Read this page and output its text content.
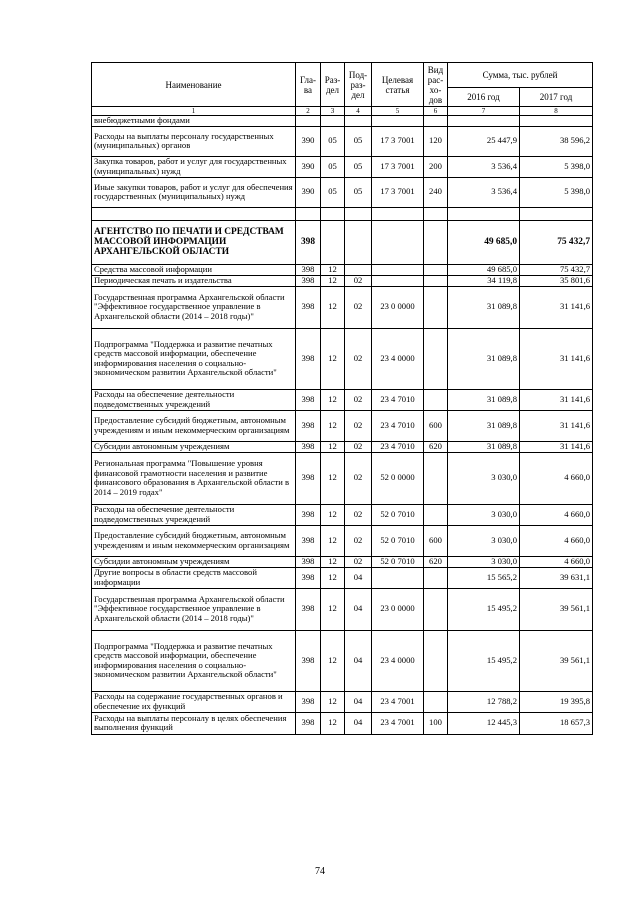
Наименование	Гла-ва	Раз-дел	Под-раз-дел	Целевая статья	Вид рас-хо-дов	Сумма, тыс. рублей	
						2016 год	2017 год
1	2	3	4	5	6	7	8
внебюджетными фондами							
Расходы на выплаты персоналу государственных (муниципальных) органов	390	05	05	17 3 7001	120	25 447,9	38 596,2
Закупка товаров, работ и услуг для государственных (муниципальных) нужд	390	05	05	17 3 7001	200	3 536,4	5 398,0
Иные закупки товаров, работ и услуг для обеспечения государственных (муниципальных) нужд	390	05	05	17 3 7001	240	3 536,4	5 398,0

АГЕНТСТВО ПО ПЕЧАТИ И СРЕДСТВАМ МАССОВОЙ ИНФОРМАЦИИ АРХАНГЕЛЬСКОЙ ОБЛАСТИ	398					49 685,0	75 432,7
Средства массовой информации	398	12				49 685,0	75 432,7
Периодическая печать и издательства	398	12	02			34 119,8	35 801,6
Государственная программа Архангельской области "Эффективное государственное управление в Архангельской области (2014 – 2018 годы)"	398	12	02	23 0 0000		31 089,8	31 141,6
Подпрограмма "Поддержка и развитие печатных средств массовой информации, обеспечение информирования населения о социально-экономическом развитии Архангельской области"	398	12	02	23 4 0000		31 089,8	31 141,6
Расходы на обеспечение деятельности подведомственных учреждений	398	12	02	23 4 7010		31 089,8	31 141,6
Предоставление субсидий бюджетным, автономным учреждениям и иным некоммерческим организациям	398	12	02	23 4 7010	600	31 089,8	31 141,6
Субсидии автономным учреждениям	398	12	02	23 4 7010	620	31 089,8	31 141,6
Региональная программа "Повышение уровня финансовой грамотности населения и развитие финансового образования в Архангельской области в 2014 – 2019 годах"	398	12	02	52 0 0000		3 030,0	4 660,0
Расходы на обеспечение деятельности подведомственных учреждений	398	12	02	52 0 7010		3 030,0	4 660,0
Предоставление субсидий бюджетным, автономным учреждениям и иным некоммерческим организациям	398	12	02	52 0 7010	600	3 030,0	4 660,0
Субсидии автономным учреждениям	398	12	02	52 0 7010	620	3 030,0	4 660,0
Другие вопросы в области средств массовой информации	398	12	04			15 565,2	39 631,1
Государственная программа Архангельской области "Эффективное государственное управление в Архангельской области (2014 – 2018 годы)"	398	12	04	23 0 0000		15 495,2	39 561,1
Подпрограмма "Поддержка и развитие печатных средств массовой информации, обеспечение информирования населения о социально-экономическом развитии Архангельской области"	398	12	04	23 4 0000		15 495,2	39 561,1
Расходы на содержание государственных органов и обеспечение их функций	398	12	04	23 4 7001		12 788,2	19 395,8
Расходы на выплаты персоналу в целях обеспечения выполнения функций	398	12	04	23 4 7001	100	12 445,3	18 657,3
74
